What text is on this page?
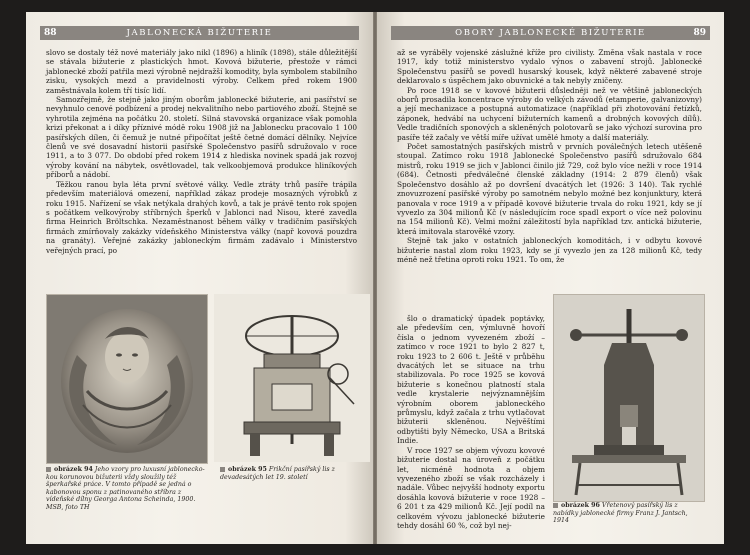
88	JABLONECKÁ BIŽUTERIE

slovo se dostaly též nové materiály jako nikl (1896) a hliník (1898), stále důležitější se stávala bižuterie z plastických hmot. Kovová bižuterie, přestože v rámci jablonecké zboží patřila mezi výrobně nejdražší komodity, byla symbolem stabilního zisku, vysokých mezd a pravidelnosti výroby. Celkem před rokem 1900 zaměstnávala kolem tří tisíc lidí.

Samozřejmě, že stejně jako jiným oborům jablonecké bižuterie, ani pasířství se nevyhnulo cenové podbízení a prodej nekvalitního nebo partiového zboží. Stejně se vyhrotila zejména na počátku 20. století. Silná stavovská organizace však pomohla krizi překonat a i díky příznivé módě roku 1908 již na Jablonecku pracovalo 1 100 pasířských dílen, či čemuž je nutné připočítat ještě četné domácí dělníky. Nejvíce členů ve své dosavadní historii pasířské Společenstvo pasířů sdružovalo v roce 1911, a to 3 077. Do období před rokem 1914 z hlediska novinek spadá jak rozvoj výroby kování na nábytek, osvětlovadel, tak velkoobjemová produkce hliníkových příborů a nádobí.

Těžkou ranou byla léta první světové války. Vedle ztráty trhů pasíře trápila především materiálová omezení, například zákaz prodeje mosazných výrobků z roku 1915. Nařízení se však netýkala drahých kovů, a tak je právě tento rok spojen s počátkem velkovýroby stříbrných šperků v Jablonci nad Nisou, které zavedla firma Heinrich Bröltschka. Nezaměstnanost během války v tradičním pasířských firmách zmírňovaly zakázky vídeňského Ministerstva války (např kovová pouzdra na granáty). Veřejné zakázky jabloneckým firmám zadávalo i Ministerstvo veřejných prací, po

obrázek 94 Jeho vzory pro luxusní jablonecko-kou korunovou bižuterii vždy sloužily též šperkařské práce. V tomto případě se jedná o kabonovou sponu z patinovaného stříbra z vídeňské dílny Georga Antona Scheinda, 1900. MSB, foto TH
obrázek 95 Frikční pasířský lis z devadesátých let 19. století
OBORY JABLONECKÉ BIŽUTERIE	89

až se vyráběly vojenské záslužné kříže pro civilisty. Změna však nastala v roce 1917, kdy totiž ministerstvo vydalo výnos o zabavení strojů. Jablonecké Společenstvu pasířů se povedl husarský kousek, když některé zabavené stroje deklarovalo s úspěchem jako obuvnické a tak nebyly zničeny.

Po roce 1918 se v kovové bižuterii důsledněji než ve většině jabloneckých oborů prosadila koncentrace výroby do velkých závodů (etamperie, galvanizovny) a její mechanizace a postupná automatizace (například při zhotovování řetízků, záponek, hedvábí na uchycení bižuterních kamenů a drobných kovových dílů). Vedle tradičních sponových a skleněných polotovarů se jako výchozí surovina pro pasíře též začaly ve větší míře užívat umělé hmoty a další materiály.

Počet samostatných pasířských mistrů v prvních poválečných letech utěšeně stoupal. Zatímco roku 1918 Jablonecké Společenstvo pasířů sdružovalo 684 mistrů, roku 1919 se jich v Jablonci činilo již 729, což bylo více nežli v roce 1914 (684). Četnosti předválečné členské základny (1914: 2 879 členů) však Společenstvo dosáhlo až po dovršení dvacátých let (1926: 3 140). Tak rychlé znovuzrození pasířské výroby po samotném nebylo možné bez konjunktury, která panovala v roce 1919 a v případě kovové bižuterie trvala do roku 1921, kdy se jí vyvezlo za 304 milionů Kč (v následujícím roce spadl export o více než polovinu na 154 milionů Kč). Velmi možní záležitostí byla například tzv. antická bižuterie, která imitovala starověké vzory.

Stejně tak jako v ostatních jabloneckých komoditách, i v odbytu kovové bižuterie nastal zlom roku 1923, kdy se jí vyvezlo jen za 128 milionů Kč, tedy méně než třetina oproti roku 1921. To om, že

šlo o dramatický úpadek poptávky, ale především cen, výmluvně hovoří čísla o jednom vyvezeném zboží – zatímco v roce 1921 to bylo 2 827 t, roku 1923 to 2 606 t. Ještě v průběhu dvacátých let se situace na trhu stabilizovala. Po roce 1925 se kovová bižuterie s konečnou platností stala vedle krystalerie nejvýznamnějším výrobním oborem jabloneckého průmyslu, když začala z trhu vytlačovat bižuterii skleněnou. Nejvěštími odbytišti byly Německo, USA a Britská Indie.

V roce 1927 se objem vývozu kovové bižuterie dostal na úroveň z počátku let, nicméně hodnota a objem vyvezeného zboží se však rozcházely i nadále. Vůbec nejvyšší hodnoty exportu dosáhla kovová bižuterie v roce 1928 – 6 201 t za 429 milionů Kč. Její podíl na celkovém vývozu jablonecké bižuterie tehdy dosáhl 60 %, což byl nej-

obrázek 96 Vřetenový pasířský lis z nabídky jablonecké firmy Franz J. Jantsch, 1914
